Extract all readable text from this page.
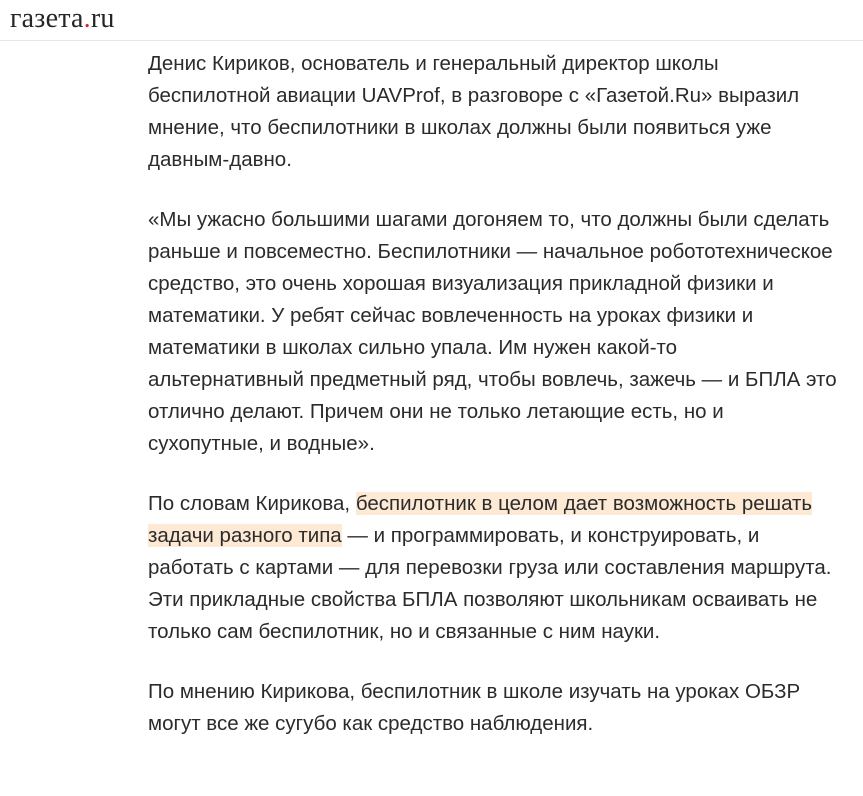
газета.ru

Денис Кириков, основатель и генеральный директор школы беспилотной авиации UAVProf, в разговоре с «Газетой.Ru» выразил мнение, что беспилотники в школах должны были появиться уже давным-давно.

«Мы ужасно большими шагами догоняем то, что должны были сделать раньше и повсеместно. Беспилотники — начальное робототехническое средство, это очень хорошая визуализация прикладной физики и математики. У ребят сейчас вовлеченность на уроках физики и математики в школах сильно упала. Им нужен какой-то альтернативный предметный ряд, чтобы вовлечь, зажечь — и БПЛА это отлично делают. Причем они не только летающие есть, но и сухопутные, и водные».

По словам Кирикова, беспилотник в целом дает возможность решать задачи разного типа — и программировать, и конструировать, и работать с картами — для перевозки груза или составления маршрута. Эти прикладные свойства БПЛА позволяют школьникам осваивать не только сам беспилотник, но и связанные с ним науки.

По мнению Кирикова, беспилотник в школе изучать на уроках ОБЗР могут все же сугубо как средство наблюдения.
